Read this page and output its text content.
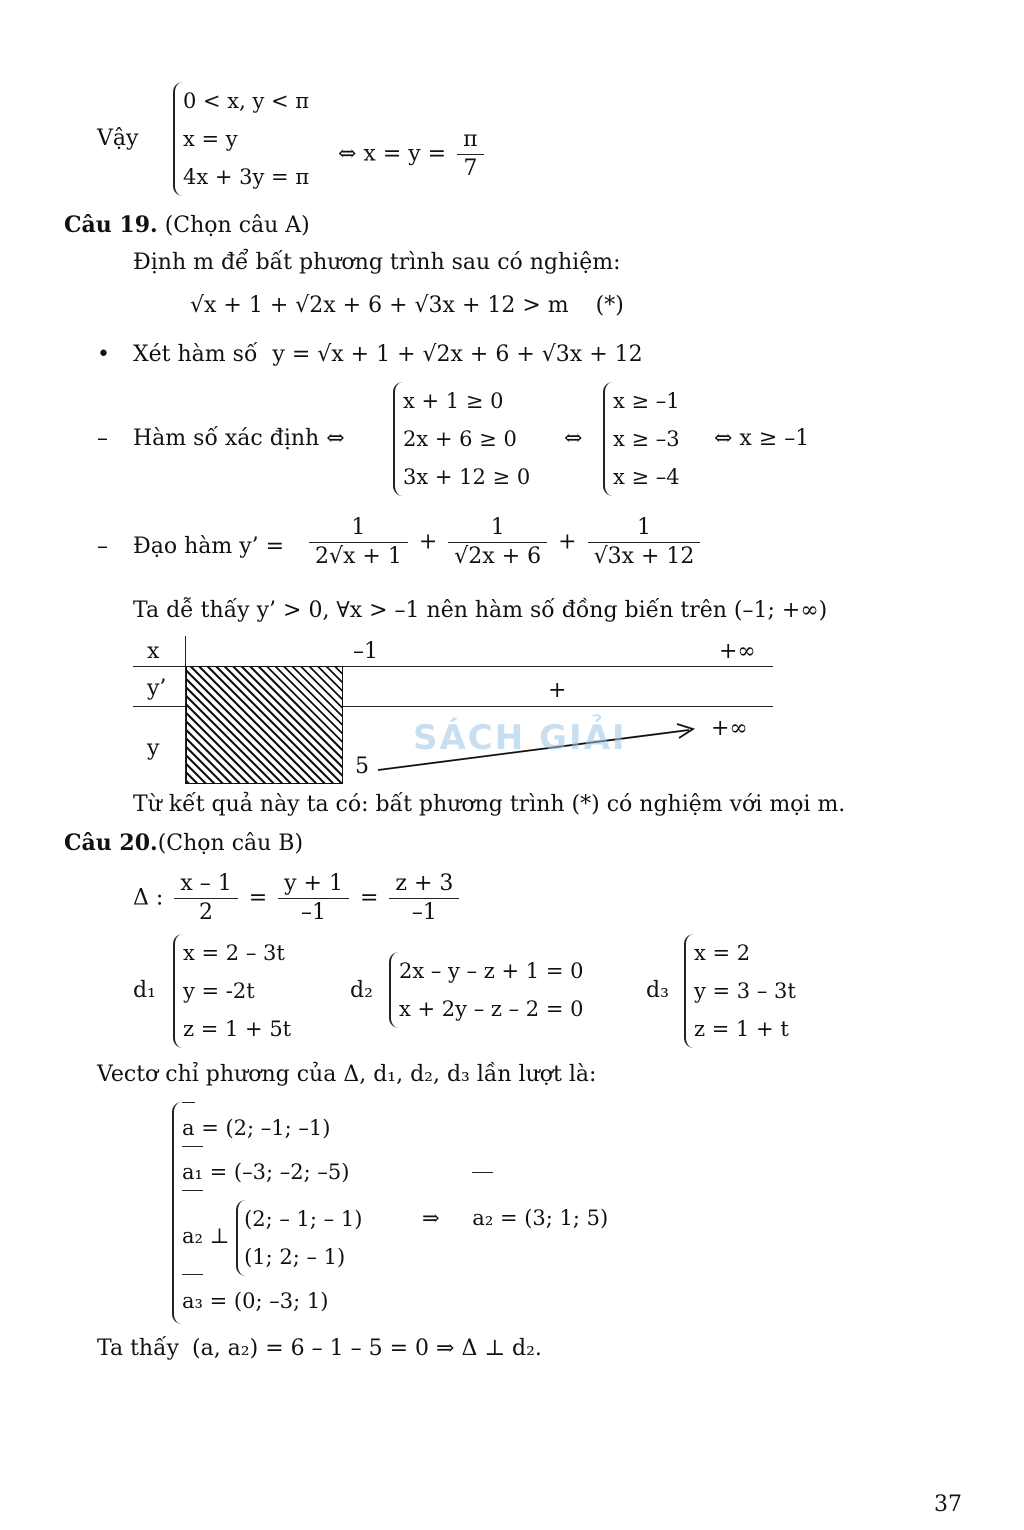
Vậy
0 < x, y < π
x = y
4x + 3y = π
⇔ $x = y = \frac{\pi}{7}$
Câu 19. (Chọn câu A)
Định m để bất phương trình sau có nghiệm:
√x + 1 + √2x + 6 + √3x + 12 > m (*)
• Xét hàm số y = √x + 1 + √2x + 6 + √3x + 12
– Hàm số xác định ⇔
x + 1 ≥ 0
2x + 6 ≥ 0
3x + 12 ≥ 0
⇔
x ≥ –1
x ≥ –3
x ≥ –4
⇔ x ≥ –1
– Đạo hàm y’ = $\frac{1}{2√x + 1} + \frac{1}{√2x + 6} + \frac{1}{√3x + 12}$
Ta dễ thấy y’ > 0, ∀x > –1 nên hàm số đồng biến trên (–1; +∞)
x
y’
y
–1	+∞
+
5
+∞
SÁCH GIẢI
Từ kết quả này ta có: bất phương trình (*) có nghiệm với mọi m.
Câu 20.(Chọn câu B)
Δ : $\frac{x - 1}{2} = \frac{y + 1}{-1} = \frac{z + 3}{-1}$
d₁
x = 2 – 3t
y = -2t
z = 1 + 5t
d₂
2x – y – z + 1 = 0
x + 2y – z – 2 = 0
d₃
x = 2
y = 3 – 3t
z = 1 + t
Vectơ chỉ phương của Δ, d₁, d₂, d₃ lần lượt là:
a = (2; –1; –1)
a₁ = (–3; –2; –5)
a₂ ⊥
(2; – 1; – 1)
(1; 2; – 1)
⇒ a₂ = (3; 1; 5)
a₃ = (0; –3; 1)
Ta thấy (a, a₂) = 6 – 1 – 5 = 0 ⇒ Δ ⊥ d₂.
37
